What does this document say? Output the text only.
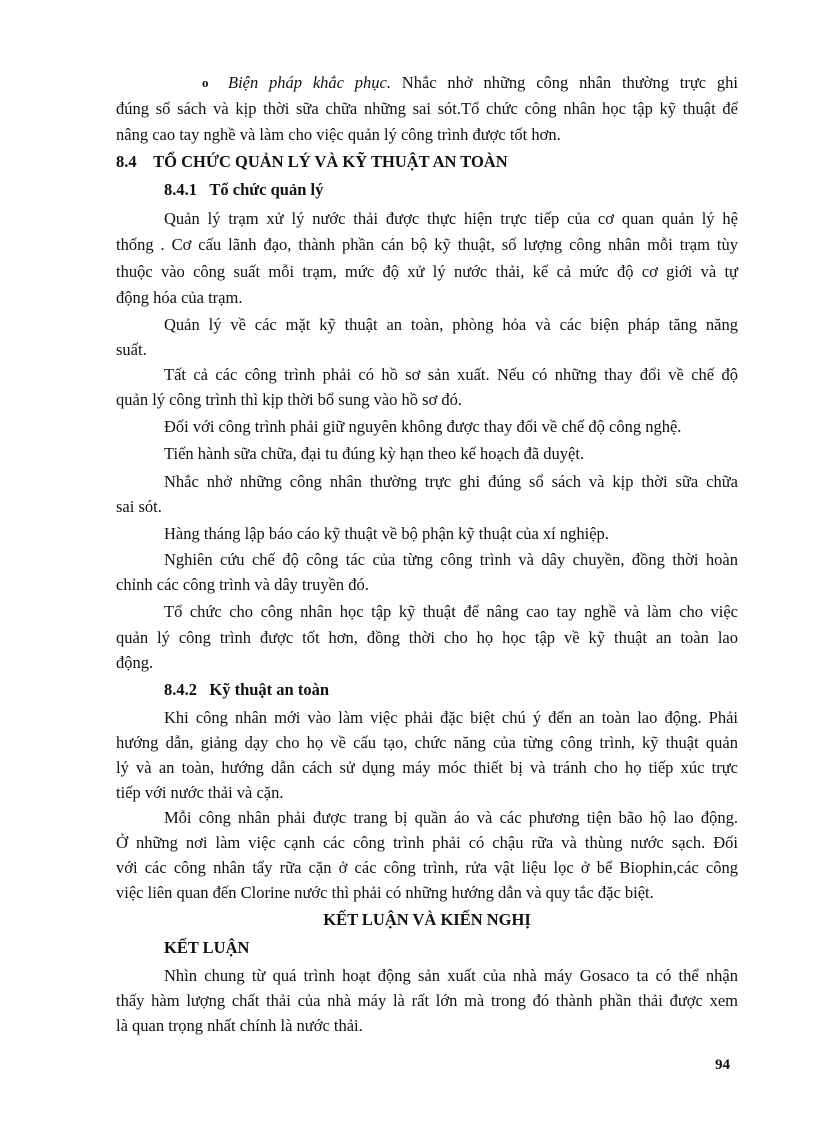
o Biện pháp khắc phục. Nhắc nhở những công nhân thường trực ghi
đúng sổ sách và kịp thời sữa chữa những sai sót.Tổ chức công nhân học tập kỹ thuật để
nâng cao tay nghề và làm cho việc quản lý công trình được tốt hơn.
8.4 TỔ CHỨC QUẢN LÝ VÀ KỸ THUẬT AN TOÀN
8.4.1 Tổ chức quản lý
Quản lý trạm xử lý nước thải được thực hiện trực tiếp của cơ quan quản lý hệ
thống . Cơ cấu lãnh đạo, thành phần cán bộ kỹ thuật, số lượng công nhân mỗi trạm tùy
thuộc vào công suất mỗi trạm, mức độ xử lý nước thải, kể cả mức độ cơ giới và tự
động hóa của trạm.
Quản lý về các mặt kỹ thuật an toàn, phòng hỏa và các biện pháp tăng năng
suất.
Tất cả các công trình phải có hồ sơ sản xuất. Nếu có những thay đổi về chế độ
quản lý công trình thì kịp thời bổ sung vào hồ sơ đó.
Đối với công trình phải giữ nguyên không được thay đổi về chế độ công nghệ.
Tiến hành sữa chữa, đại tu đúng kỳ hạn theo kế hoạch đã duyệt.
Nhắc nhở những công nhân thường trực ghi đúng sổ sách và kịp thời sữa chữa
sai sót.
Hàng tháng lập báo cáo kỹ thuật về bộ phận kỹ thuật của xí nghiệp.
Nghiên cứu chế độ công tác của từng công trình và dây chuyền, đồng thời hoàn
chỉnh các công trình và dây truyền đó.
Tổ chức cho công nhân học tập kỹ thuật để nâng cao tay nghề và làm cho việc
quản lý công trình được tốt hơn, đồng thời cho họ học tập về kỹ thuật an toàn lao
động.
8.4.2 Kỹ thuật an toàn
Khi công nhân mới vào làm việc phải đặc biệt chú ý đến an toàn lao động. Phải
hướng dẫn, giảng dạy cho họ về cấu tạo, chức năng của từng công trình, kỹ thuật quản
lý và an toàn, hướng dẫn cách sử dụng máy móc thiết bị và tránh cho họ tiếp xúc trực
tiếp với nước thải và cặn.
Mỗi công nhân phải được trang bị quần áo và các phương tiện bão hộ lao động.
Ở những nơi làm việc cạnh các công trình phải có chậu rữa và thùng nước sạch. Đối
với các công nhân tẩy rữa cặn ở các công trình, rửa vật liệu lọc ở bể Biophin,các công
việc liên quan đến Clorine nước thì phải có những hướng dẫn và quy tắc đặc biệt.
KẾT LUẬN VÀ KIẾN NGHỊ
KẾT LUẬN
Nhìn chung từ quá trình hoạt động sản xuất của nhà máy Gosaco ta có thể nhận
thấy hàm lượng chất thải của nhà máy là rất lớn mà trong đó thành phần thải được xem
là quan trọng nhất chính là nước thải.
94
